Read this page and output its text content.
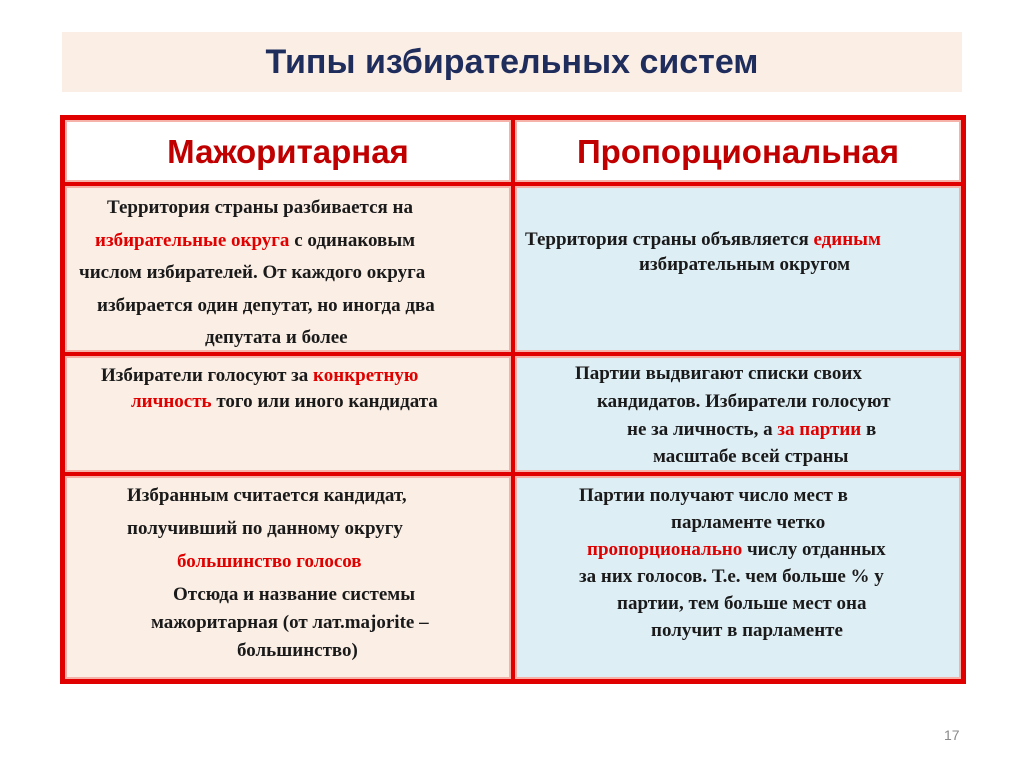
Типы избирательных систем
Мажоритарная	Пропорциональная
Территория страны разбивается на
избирательные округа с одинаковым
числом избирателей. От каждого округа
избирается один депутат, но иногда два
депутата и более
Территория страны объявляется единым
избирательным округом
Избиратели голосуют за конкретную
личность того или иного кандидата
Партии выдвигают списки своих
кандидатов. Избиратели голосуют
не за личность, а за партии в
масштабе всей страны
Избранным считается кандидат,
получивший по данному округу
большинство голосов
Отсюда и название системы
мажоритарная (от лат.majorite –
большинство)
Партии получают число мест в
парламенте четко
пропорционально числу отданных
за них голосов. Т.е. чем больше % у
партии, тем больше мест она
получит в парламенте
17
